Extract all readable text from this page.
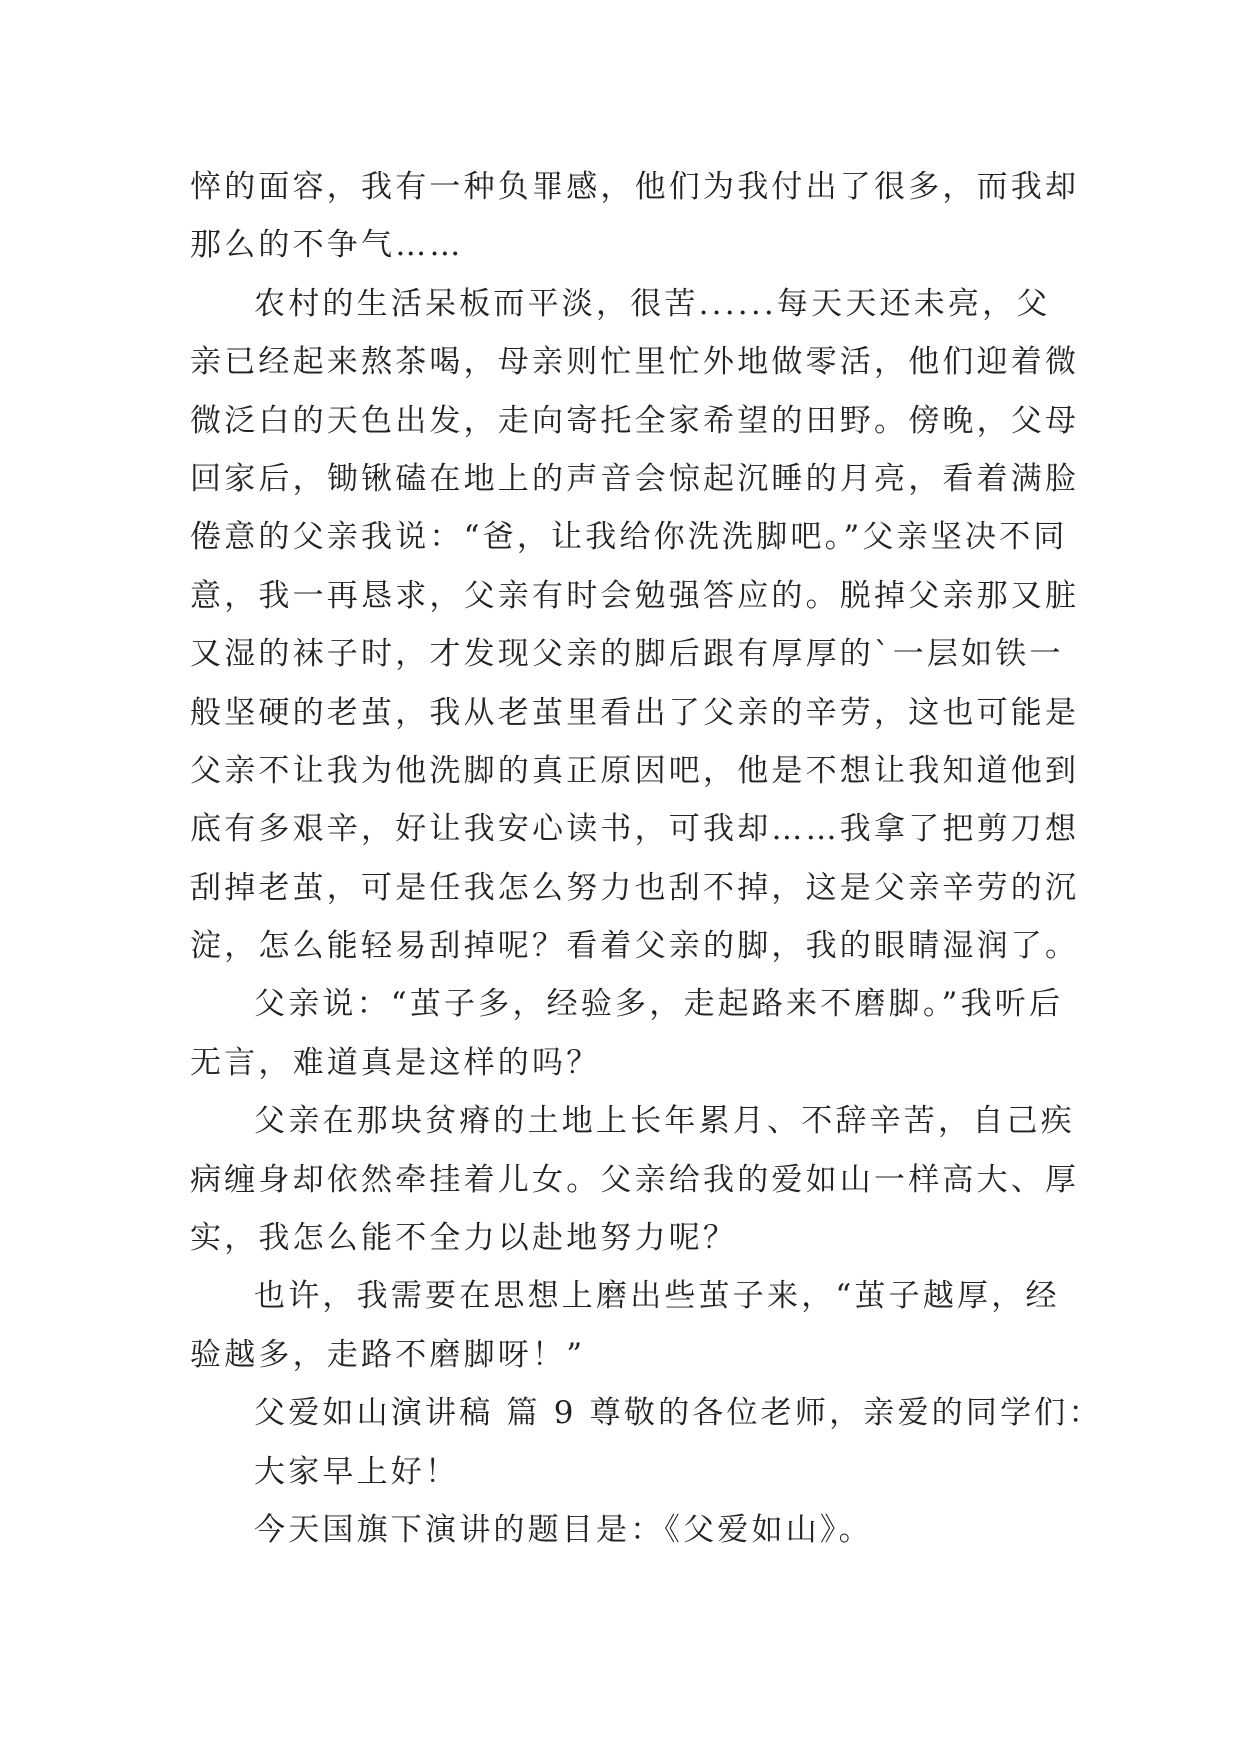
悴的面容，我有一种负罪感，他们为我付出了很多，而我却
那么的不争气……
农村的生活呆板而平淡，很苦......每天天还未亮，父
亲已经起来熬茶喝，母亲则忙里忙外地做零活，他们迎着微
微泛白的天色出发，走向寄托全家希望的田野。傍晚，父母
回家后，锄锹磕在地上的声音会惊起沉睡的月亮，看着满脸
倦意的父亲我说：“爸，让我给你洗洗脚吧。”父亲坚决不同
意，我一再恳求，父亲有时会勉强答应的。脱掉父亲那又脏
又湿的袜子时，才发现父亲的脚后跟有厚厚的`一层如铁一
般坚硬的老茧，我从老茧里看出了父亲的辛劳，这也可能是
父亲不让我为他洗脚的真正原因吧，他是不想让我知道他到
底有多艰辛，好让我安心读书，可我却……我拿了把剪刀想
刮掉老茧，可是任我怎么努力也刮不掉，这是父亲辛劳的沉
淀，怎么能轻易刮掉呢？看着父亲的脚，我的眼睛湿润了。
父亲说：“茧子多，经验多，走起路来不磨脚。”我听后
无言，难道真是这样的吗？
父亲在那块贫瘠的土地上长年累月、不辞辛苦，自己疾
病缠身却依然牵挂着儿女。父亲给我的爱如山一样高大、厚
实，我怎么能不全力以赴地努力呢？
也许，我需要在思想上磨出些茧子来，“茧子越厚，经
验越多，走路不磨脚呀！”
父爱如山演讲稿 篇 9 尊敬的各位老师，亲爱的同学们：
大家早上好！
今天国旗下演讲的题目是：《父爱如山》。
